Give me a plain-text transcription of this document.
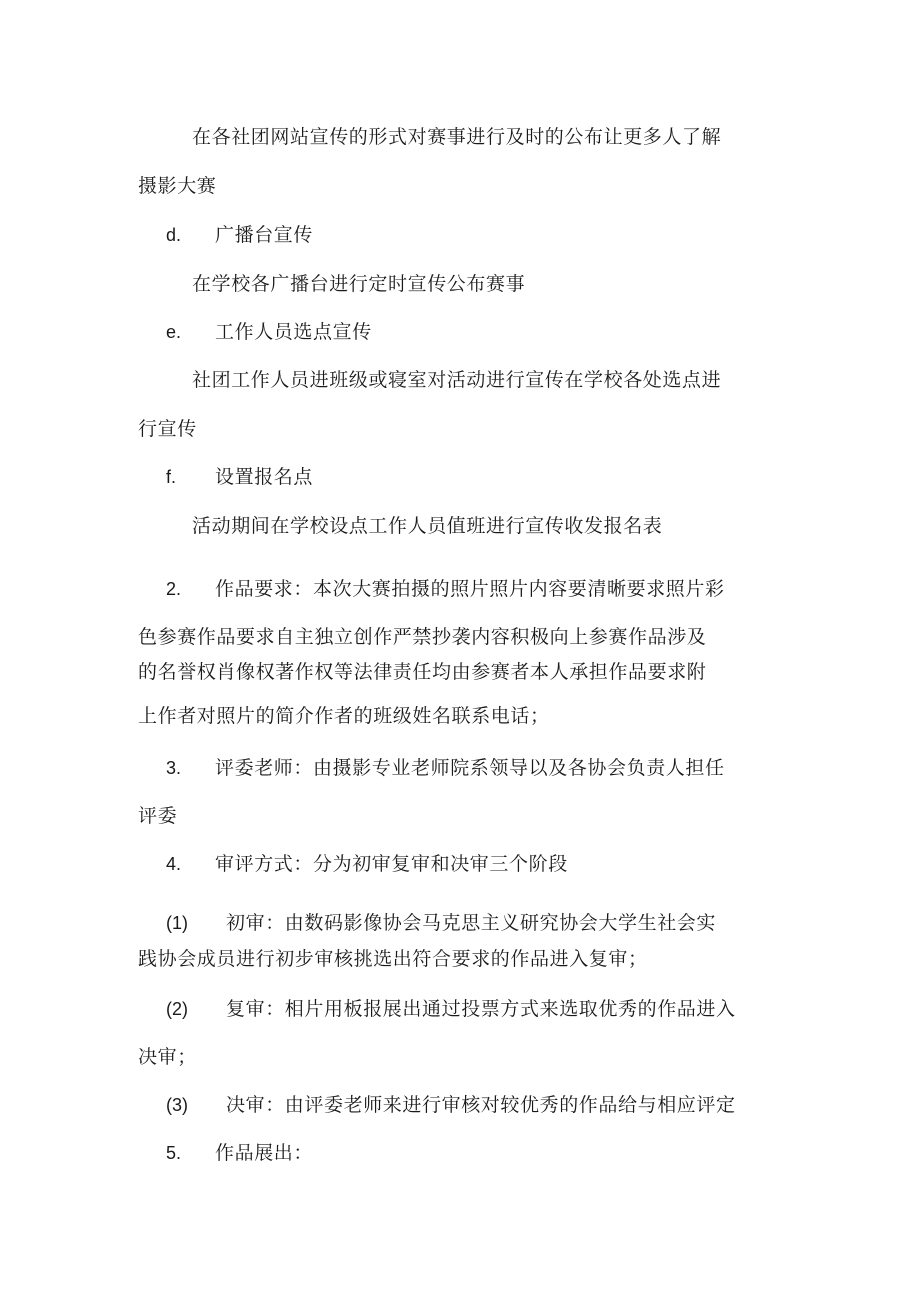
在各社团网站宣传的形式对赛事进行及时的公布让更多人了解
摄影大赛
d. 广播台宣传
在学校各广播台进行定时宣传公布赛事
e. 工作人员选点宣传
社团工作人员进班级或寝室对活动进行宣传在学校各处选点进
行宣传
f. 设置报名点
活动期间在学校设点工作人员值班进行宣传收发报名表
2. 作品要求：本次大赛拍摄的照片照片内容要清晰要求照片彩
色参赛作品要求自主独立创作严禁抄袭内容积极向上参赛作品涉及
的名誉权肖像权著作权等法律责任均由参赛者本人承担作品要求附
上作者对照片的简介作者的班级姓名联系电话；
3. 评委老师：由摄影专业老师院系领导以及各协会负责人担任
评委
4. 审评方式：分为初审复审和决审三个阶段
(1) 初审：由数码影像协会马克思主义研究协会大学生社会实
践协会成员进行初步审核挑选出符合要求的作品进入复审；
(2) 复审：相片用板报展出通过投票方式来选取优秀的作品进入
决审；
(3) 决审：由评委老师来进行审核对较优秀的作品给与相应评定
5. 作品展出：
